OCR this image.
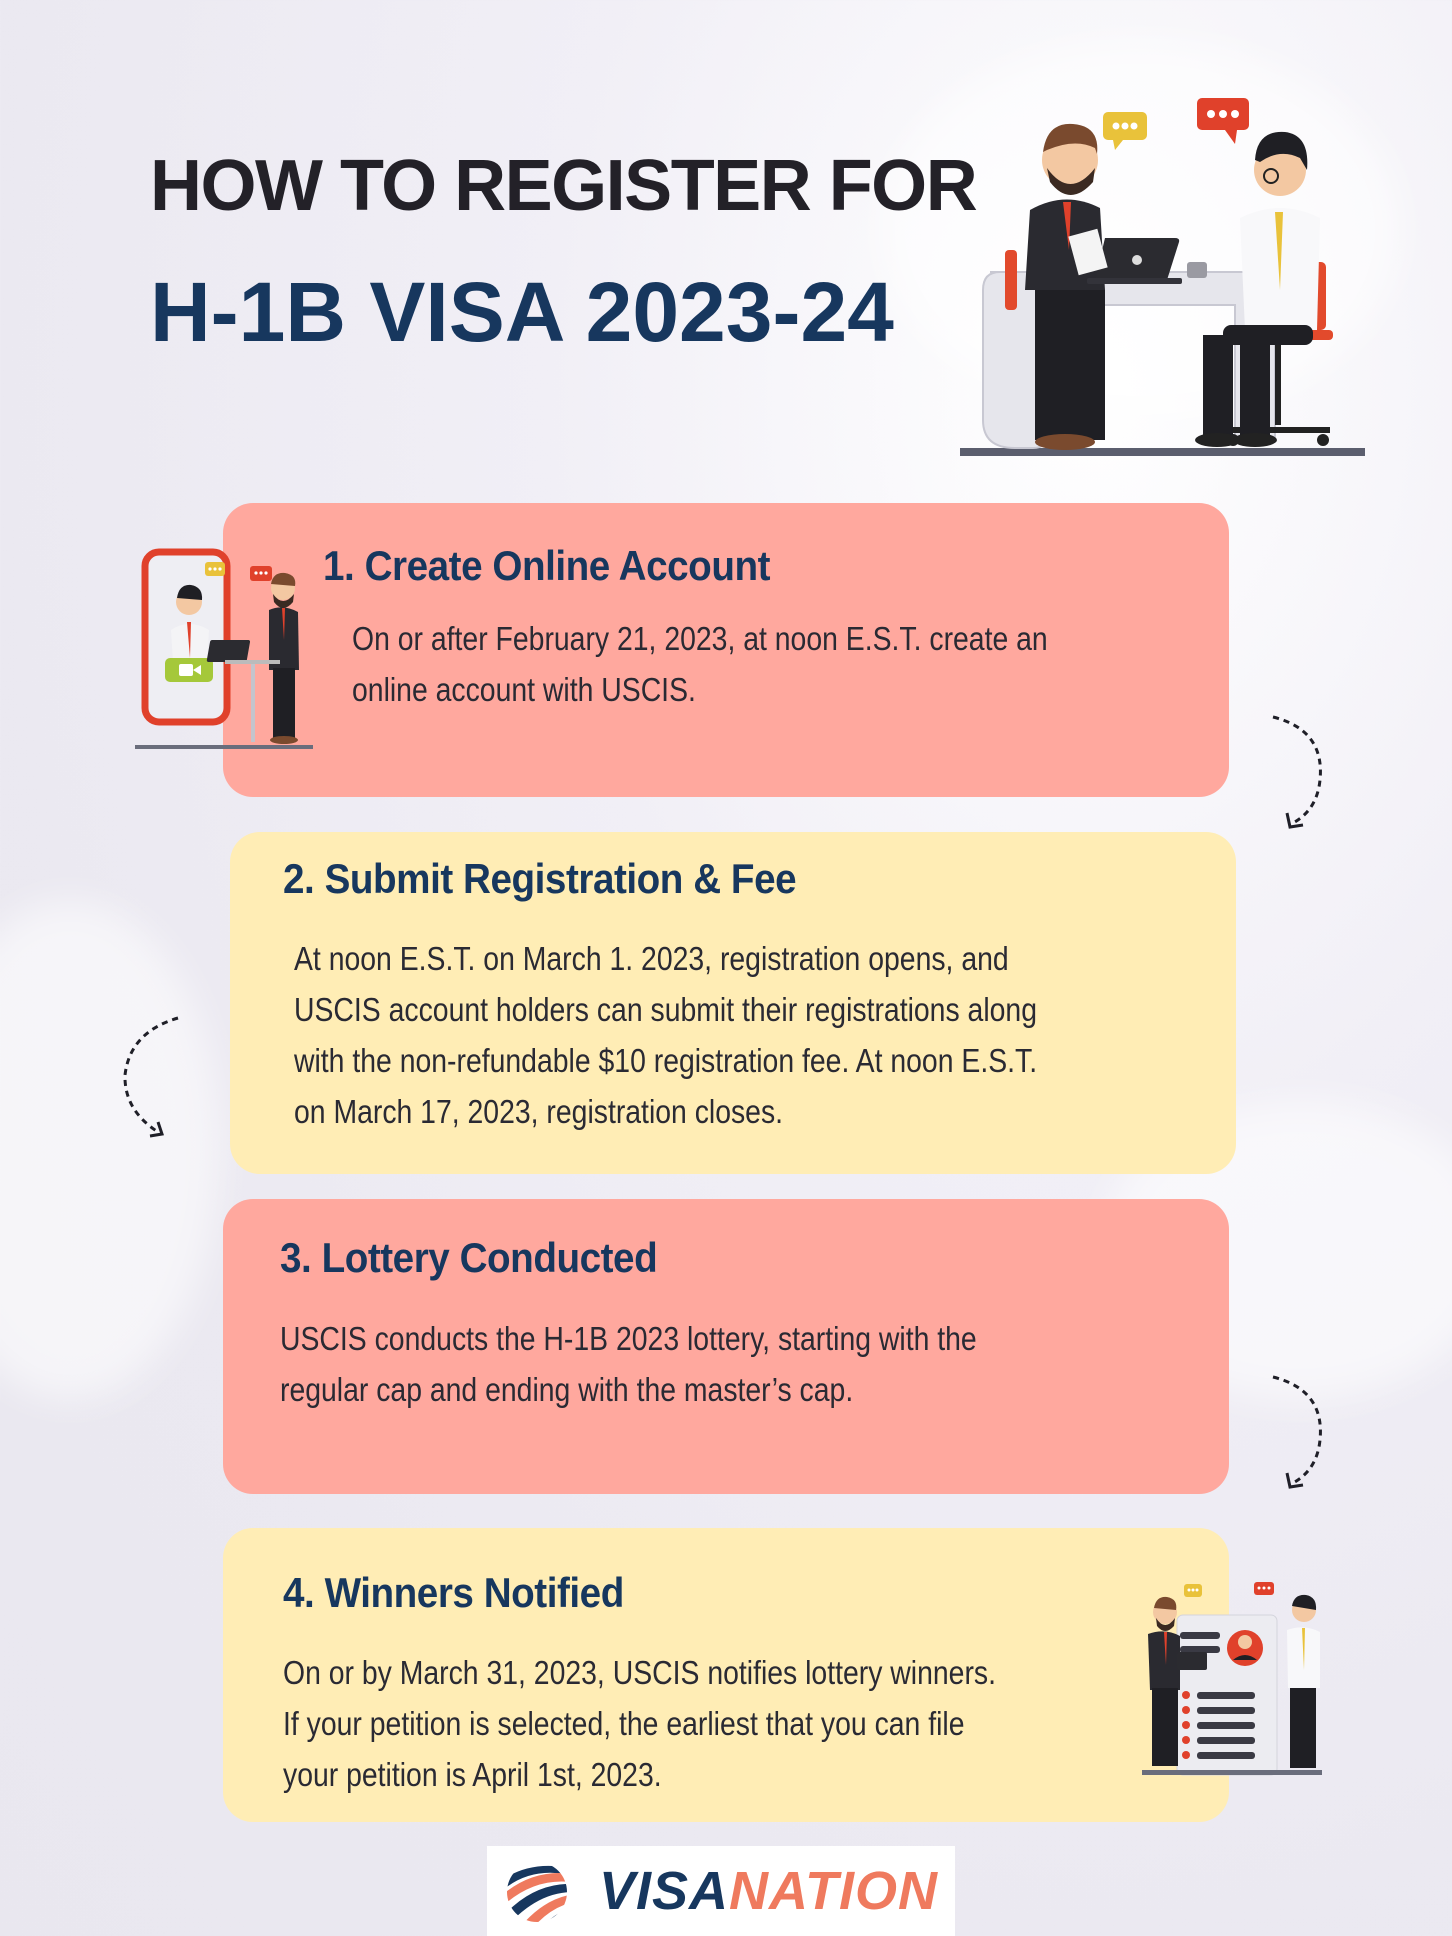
HOW TO REGISTER FOR
H-1B VISA 2023-24
1. Create Online Account
On or after February 21, 2023, at noon E.S.T. create an
online account with USCIS.
2. Submit Registration & Fee
At noon E.S.T. on March 1. 2023, registration opens, and
USCIS account holders can submit their registrations along
with the non-refundable $10 registration fee. At noon E.S.T.
on March 17, 2023, registration closes.
3. Lottery Conducted
USCIS conducts the H-1B 2023 lottery, starting with the
regular cap and ending with the master’s cap.
4. Winners Notified
On or by March 31, 2023, USCIS notifies lottery winners.
If your petition is selected, the earliest that you can file
your petition is April 1st, 2023.
VISANATION
